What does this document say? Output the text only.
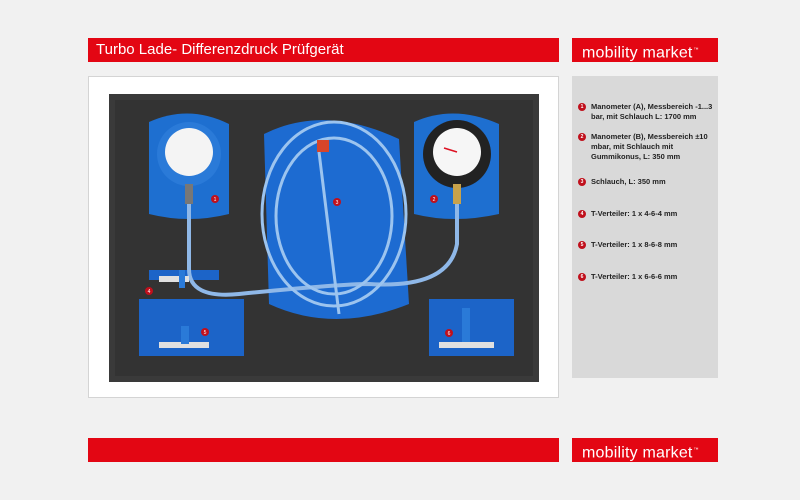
Turbo Lade- Differenzdruck Prüfgerät	mobility market™
1	2
3
4
5	6
1	Manometer (A), Messbereich -1...3 bar, mit Schlauch L: 1700 mm
2	Manometer (B), Messbereich ±10 mbar, mit Schlauch mit Gummikonus, L: 350 mm
3	Schlauch, L: 350 mm
4	T-Verteiler: 1 x 4-6-4 mm
5	T-Verteiler: 1 x 8-6-8 mm
6	T-Verteiler: 1 x 6-6-6 mm
mobility market™
